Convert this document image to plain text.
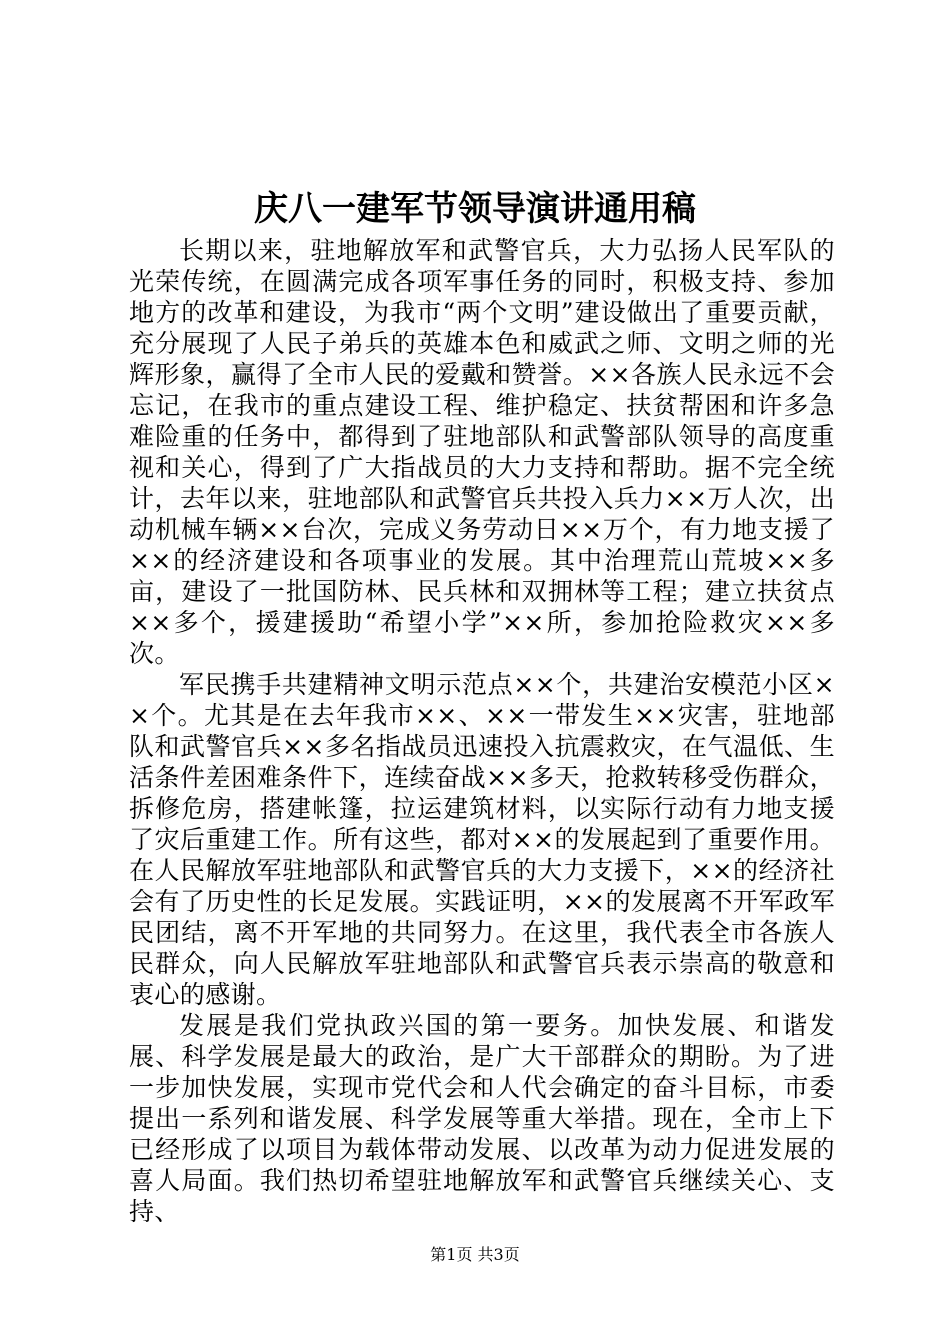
庆八一建军节领导演讲通用稿

长期以来，驻地解放军和武警官兵，大力弘扬人民军队的光荣传统，在圆满完成各项军事任务的同时，积极支持、参加地方的改革和建设，为我市“两个文明”建设做出了重要贡献，充分展现了人民子弟兵的英雄本色和威武之师、文明之师的光辉形象，赢得了全市人民的爱戴和赞誉。××各族人民永远不会忘记，在我市的重点建设工程、维护稳定、扶贫帮困和许多急难险重的任务中，都得到了驻地部队和武警部队领导的高度重视和关心，得到了广大指战员的大力支持和帮助。据不完全统计，去年以来，驻地部队和武警官兵共投入兵力××万人次，出动机械车辆××台次，完成义务劳动日××万个，有力地支援了××的经济建设和各项事业的发展。其中治理荒山荒坡××多亩，建设了一批国防林、民兵林和双拥林等工程；建立扶贫点××多个，援建援助“希望小学”××所，参加抢险救灾××多次。

军民携手共建精神文明示范点××个，共建治安模范小区××个。尤其是在去年我市××、××一带发生××灾害，驻地部队和武警官兵××多名指战员迅速投入抗震救灾，在气温低、生活条件差困难条件下，连续奋战××多天，抢救转移受伤群众，拆修危房，搭建帐篷，拉运建筑材料，以实际行动有力地支援了灾后重建工作。所有这些，都对××的发展起到了重要作用。在人民解放军驻地部队和武警官兵的大力支援下，××的经济社会有了历史性的长足发展。实践证明，××的发展离不开军政军民团结，离不开军地的共同努力。在这里，我代表全市各族人民群众，向人民解放军驻地部队和武警官兵表示崇高的敬意和衷心的感谢。

发展是我们党执政兴国的第一要务。加快发展、和谐发展、科学发展是最大的政治，是广大干部群众的期盼。为了进一步加快发展，实现市党代会和人代会确定的奋斗目标，市委提出一系列和谐发展、科学发展等重大举措。现在，全市上下已经形成了以项目为载体带动发展、以改革为动力促进发展的喜人局面。我们热切希望驻地解放军和武警官兵继续关心、支持、

第1页 共3页
